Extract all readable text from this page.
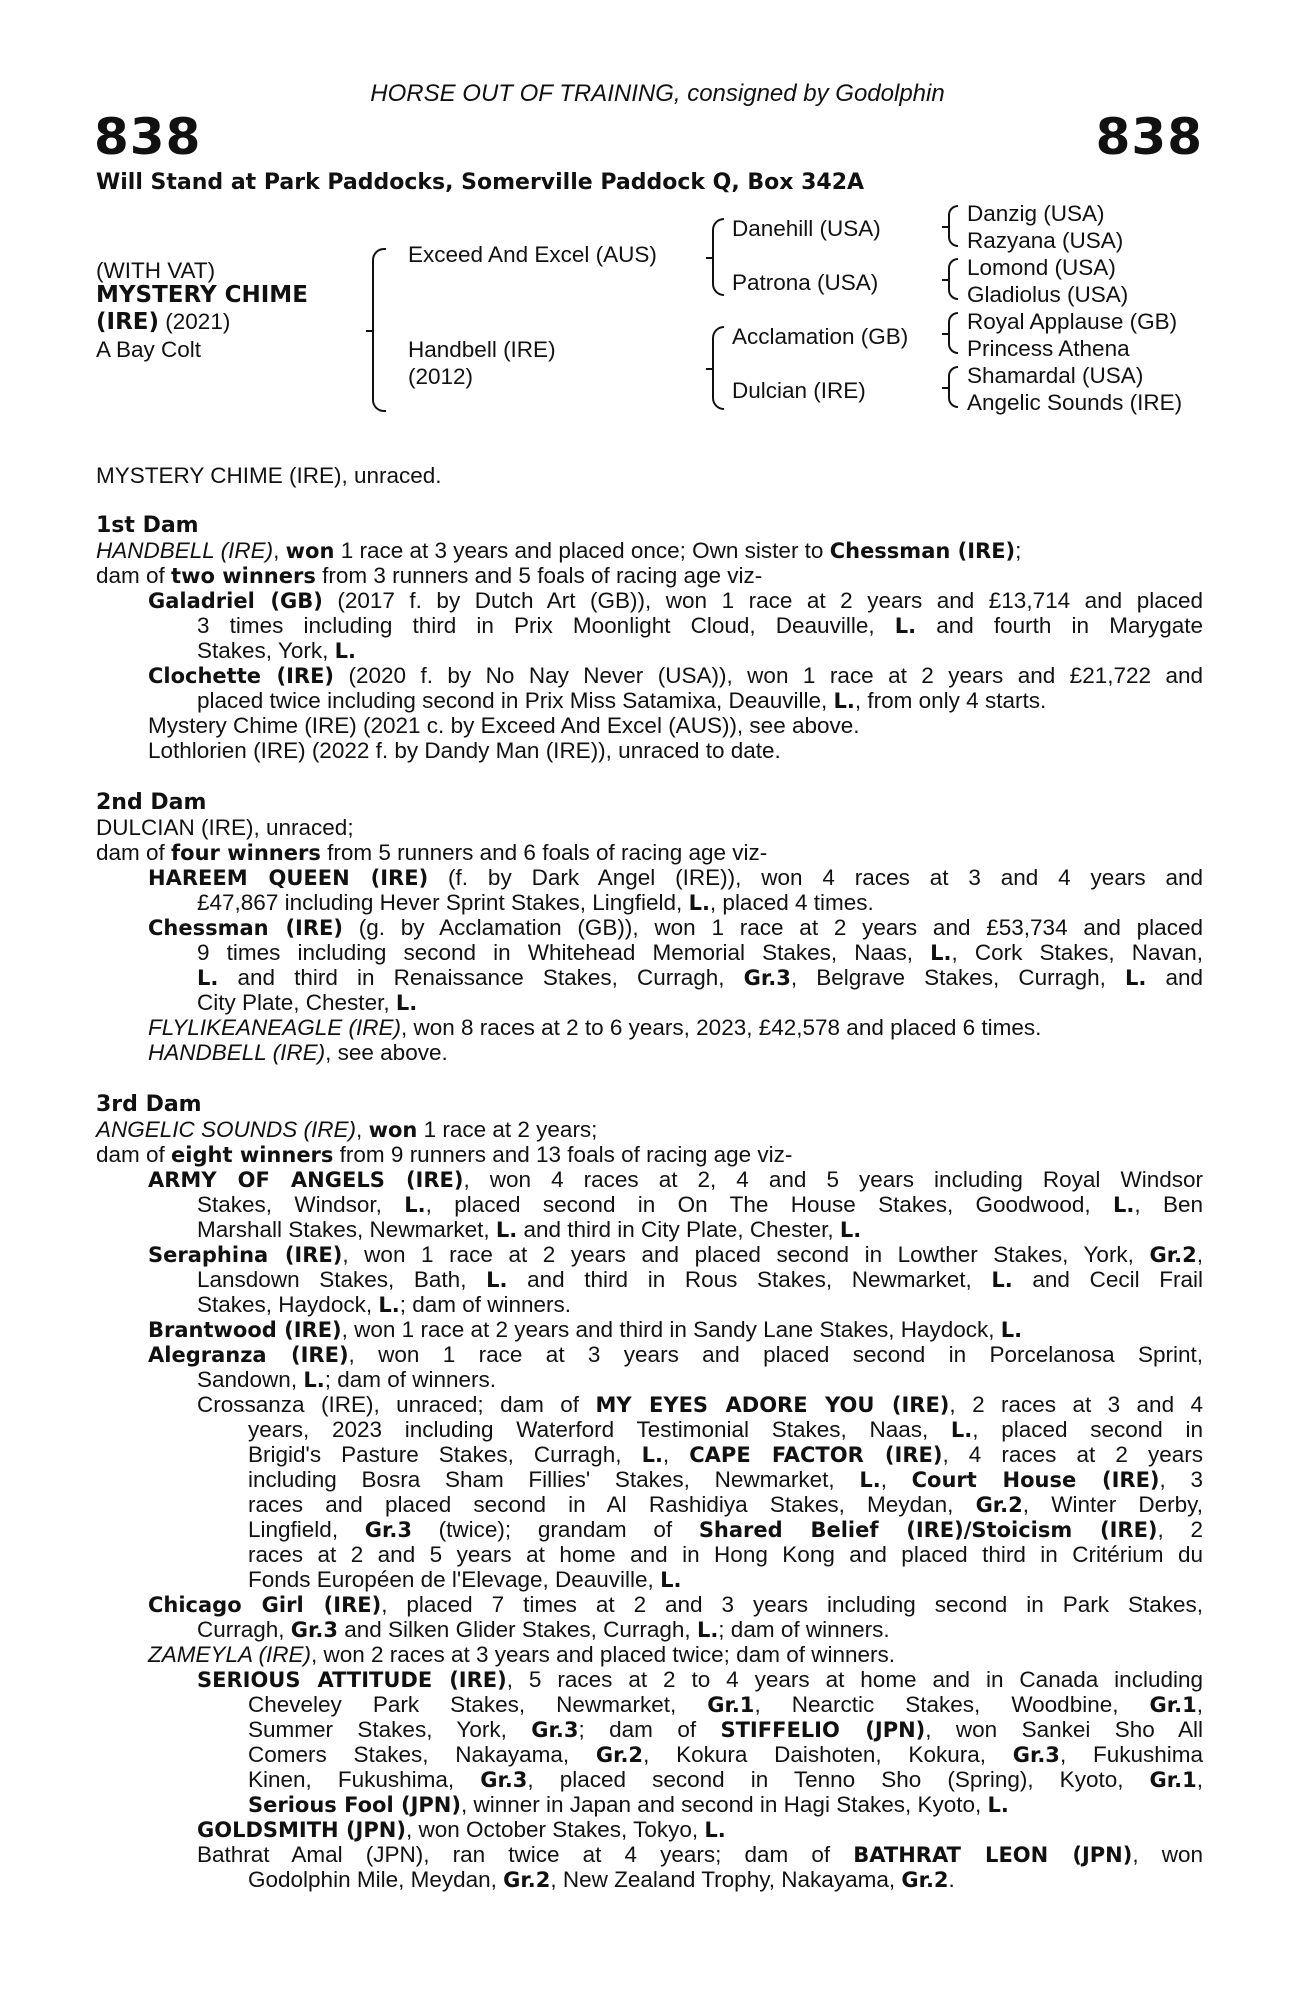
HORSE OUT OF TRAINING, consigned by Godolphin
838	838
Will Stand at Park Paddocks, Somerville Paddock Q, Box 342A
(WITH VAT)
MYSTERY CHIME
(IRE) (2021)
A Bay Colt
Exceed And Excel (AUS)
Handbell (IRE)
(2012)
Danehill (USA)
Patrona (USA)
Acclamation (GB)
Dulcian (IRE)
Danzig (USA)
Razyana (USA)
Lomond (USA)
Gladiolus (USA)
Royal Applause (GB)
Princess Athena
Shamardal (USA)
Angelic Sounds (IRE)
MYSTERY CHIME (IRE), unraced.
1st Dam
HANDBELL (IRE), won 1 race at 3 years and placed once; Own sister to Chessman (IRE);
dam of two winners from 3 runners and 5 foals of racing age viz-
Galadriel (GB) (2017 f. by Dutch Art (GB)), won 1 race at 2 years and £13,714 and placed
3 times including third in Prix Moonlight Cloud, Deauville, L. and fourth in Marygate
Stakes, York, L.
Clochette (IRE) (2020 f. by No Nay Never (USA)), won 1 race at 2 years and £21,722 and
placed twice including second in Prix Miss Satamixa, Deauville, L., from only 4 starts.
Mystery Chime (IRE) (2021 c. by Exceed And Excel (AUS)), see above.
Lothlorien (IRE) (2022 f. by Dandy Man (IRE)), unraced to date.
2nd Dam
DULCIAN (IRE), unraced;
dam of four winners from 5 runners and 6 foals of racing age viz-
HAREEM QUEEN (IRE) (f. by Dark Angel (IRE)), won 4 races at 3 and 4 years and
£47,867 including Hever Sprint Stakes, Lingfield, L., placed 4 times.
Chessman (IRE) (g. by Acclamation (GB)), won 1 race at 2 years and £53,734 and placed
9 times including second in Whitehead Memorial Stakes, Naas, L., Cork Stakes, Navan,
L. and third in Renaissance Stakes, Curragh, Gr.3, Belgrave Stakes, Curragh, L. and
City Plate, Chester, L.
FLYLIKEANEAGLE (IRE), won 8 races at 2 to 6 years, 2023, £42,578 and placed 6 times.
HANDBELL (IRE), see above.
3rd Dam
ANGELIC SOUNDS (IRE), won 1 race at 2 years;
dam of eight winners from 9 runners and 13 foals of racing age viz-
ARMY OF ANGELS (IRE), won 4 races at 2, 4 and 5 years including Royal Windsor
Stakes, Windsor, L., placed second in On The House Stakes, Goodwood, L., Ben
Marshall Stakes, Newmarket, L. and third in City Plate, Chester, L.
Seraphina (IRE), won 1 race at 2 years and placed second in Lowther Stakes, York, Gr.2,
Lansdown Stakes, Bath, L. and third in Rous Stakes, Newmarket, L. and Cecil Frail
Stakes, Haydock, L.; dam of winners.
Brantwood (IRE), won 1 race at 2 years and third in Sandy Lane Stakes, Haydock, L.
Alegranza (IRE), won 1 race at 3 years and placed second in Porcelanosa Sprint,
Sandown, L.; dam of winners.
Crossanza (IRE), unraced; dam of MY EYES ADORE YOU (IRE), 2 races at 3 and 4
years, 2023 including Waterford Testimonial Stakes, Naas, L., placed second in
Brigid's Pasture Stakes, Curragh, L., CAPE FACTOR (IRE), 4 races at 2 years
including Bosra Sham Fillies' Stakes, Newmarket, L., Court House (IRE), 3
races and placed second in Al Rashidiya Stakes, Meydan, Gr.2, Winter Derby,
Lingfield, Gr.3 (twice); grandam of Shared Belief (IRE)/Stoicism (IRE), 2
races at 2 and 5 years at home and in Hong Kong and placed third in Critérium du
Fonds Européen de l'Elevage, Deauville, L.
Chicago Girl (IRE), placed 7 times at 2 and 3 years including second in Park Stakes,
Curragh, Gr.3 and Silken Glider Stakes, Curragh, L.; dam of winners.
ZAMEYLA (IRE), won 2 races at 3 years and placed twice; dam of winners.
SERIOUS ATTITUDE (IRE), 5 races at 2 to 4 years at home and in Canada including
Cheveley Park Stakes, Newmarket, Gr.1, Nearctic Stakes, Woodbine, Gr.1,
Summer Stakes, York, Gr.3; dam of STIFFELIO (JPN), won Sankei Sho All
Comers Stakes, Nakayama, Gr.2, Kokura Daishoten, Kokura, Gr.3, Fukushima
Kinen, Fukushima, Gr.3, placed second in Tenno Sho (Spring), Kyoto, Gr.1,
Serious Fool (JPN), winner in Japan and second in Hagi Stakes, Kyoto, L.
GOLDSMITH (JPN), won October Stakes, Tokyo, L.
Bathrat Amal (JPN), ran twice at 4 years; dam of BATHRAT LEON (JPN), won
Godolphin Mile, Meydan, Gr.2, New Zealand Trophy, Nakayama, Gr.2.
